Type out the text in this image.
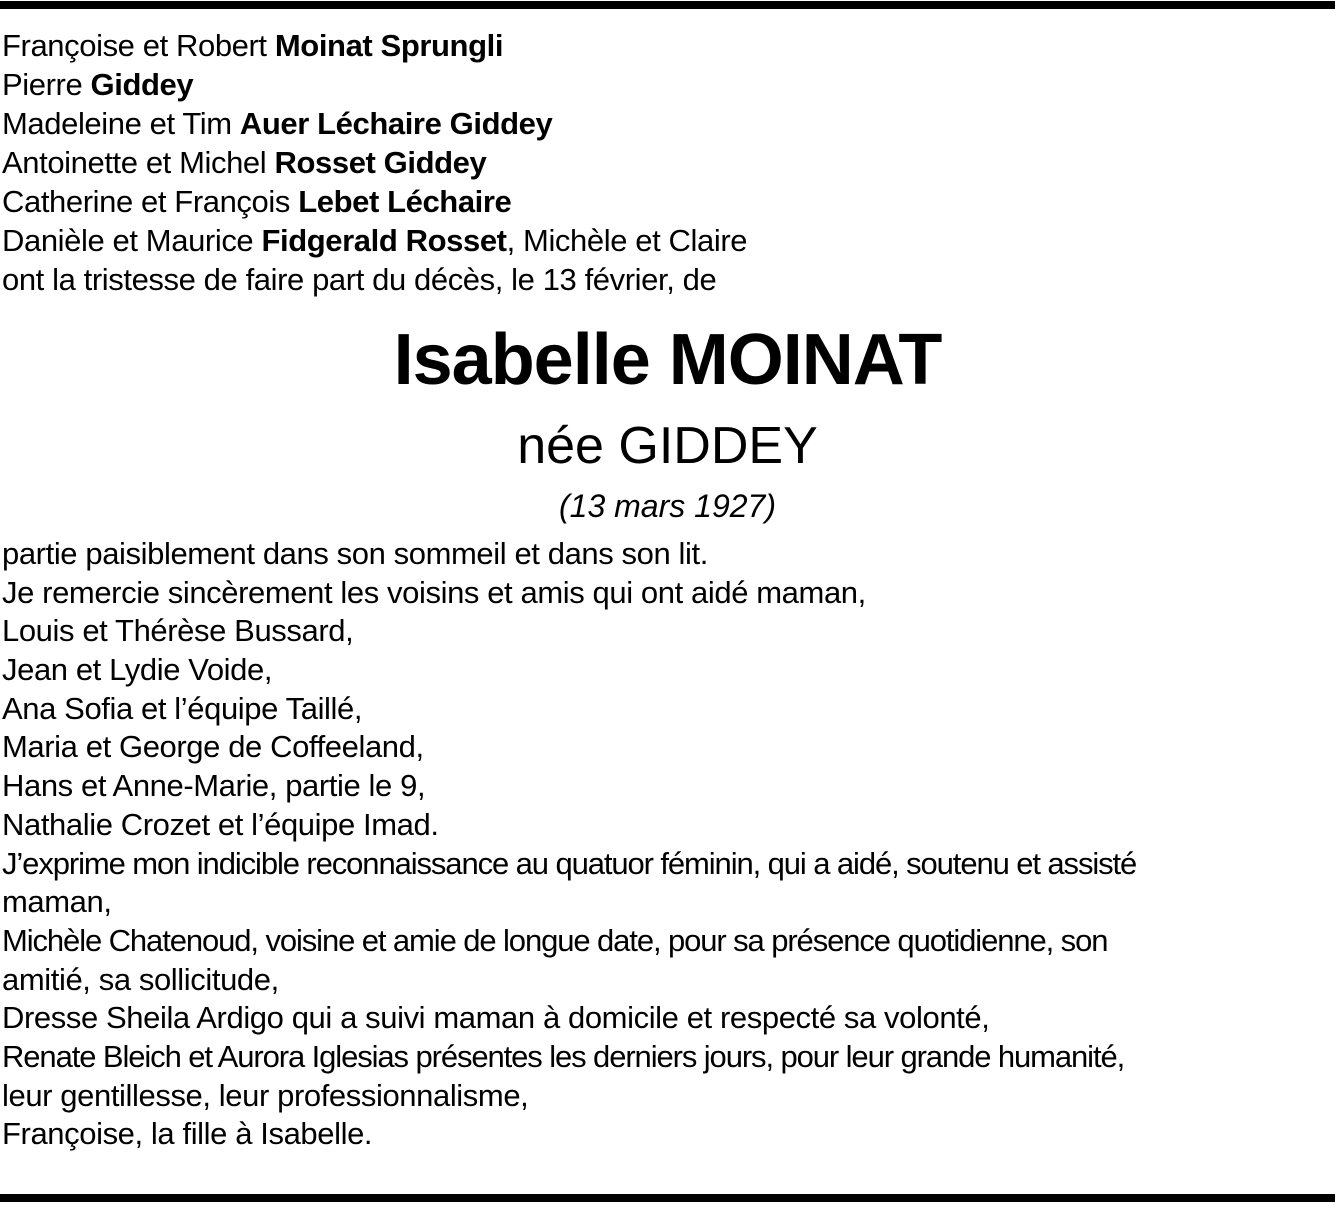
Françoise et Robert Moinat Sprungli
Pierre Giddey
Madeleine et Tim Auer Léchaire Giddey
Antoinette et Michel Rosset Giddey
Catherine et François Lebet Léchaire
Danièle et Maurice Fidgerald Rosset, Michèle et Claire
ont la tristesse de faire part du décès, le 13 février, de
Isabelle MOINAT
née GIDDEY
(13 mars 1927)
partie paisiblement dans son sommeil et dans son lit.
Je remercie sincèrement les voisins et amis qui ont aidé maman,
Louis et Thérèse Bussard,
Jean et Lydie Voide,
Ana Sofia et l’équipe Taillé,
Maria et George de Coffeeland,
Hans et Anne-Marie, partie le 9,
Nathalie Crozet et l’équipe Imad.
J’exprime mon indicible reconnaissance au quatuor féminin, qui a aidé, soutenu et assisté
maman,
Michèle Chatenoud, voisine et amie de longue date, pour sa présence quotidienne, son
amitié, sa sollicitude,
Dresse Sheila Ardigo qui a suivi maman à domicile et respecté sa volonté,
Renate Bleich et Aurora Iglesias présentes les derniers jours, pour leur grande humanité,
leur gentillesse, leur professionnalisme,
Françoise, la fille à Isabelle.
